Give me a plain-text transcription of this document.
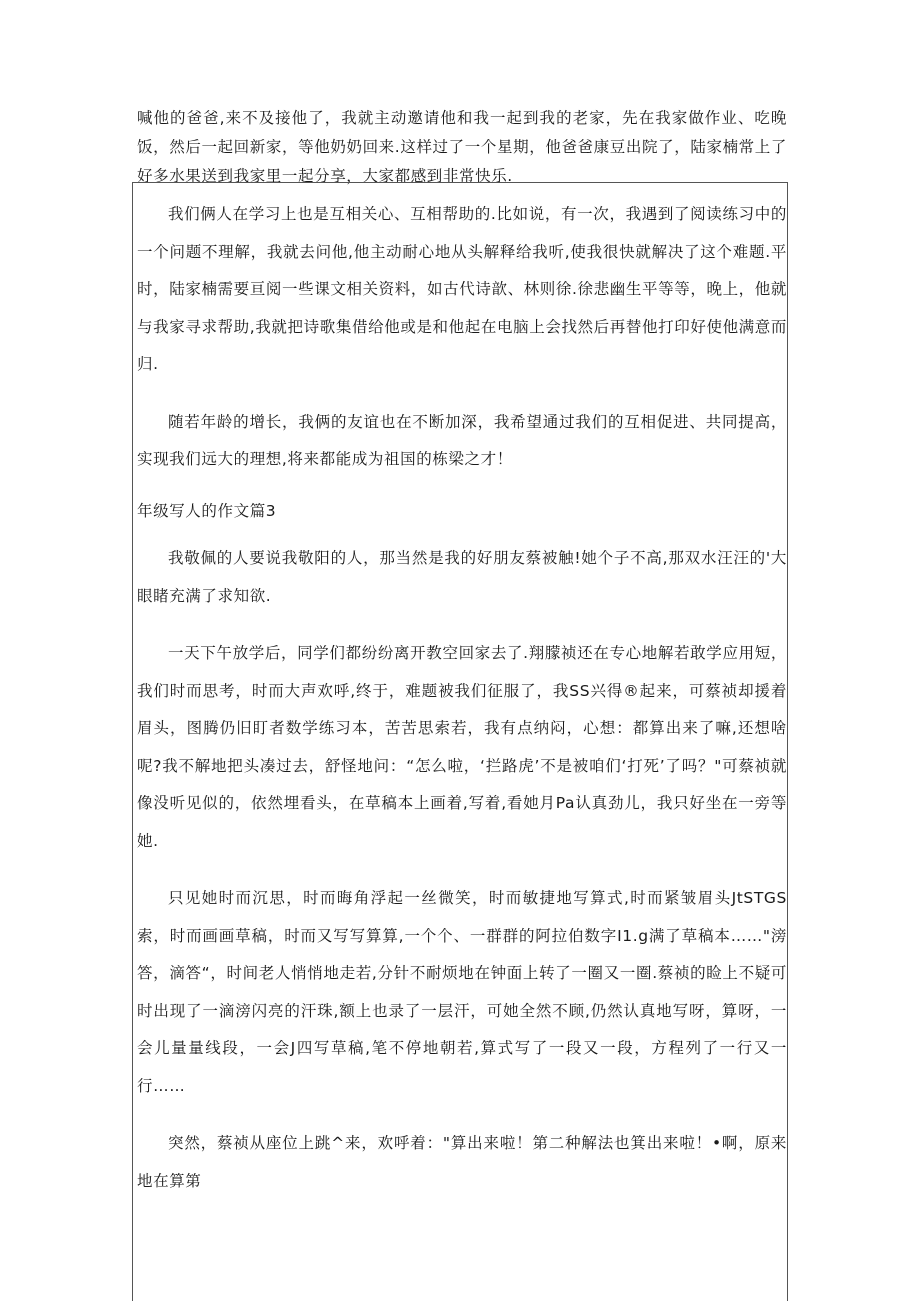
喊他的爸爸,来不及接他了，我就主动邀请他和我一起到我的老家，先在我家做作业、吃晚饭，然后一起回新家，等他奶奶回来.这样过了一个星期，他爸爸康豆出院了，陆家楠常上了好多水果送到我家里一起分享，大家都感到非常快乐.

我们俩人在学习上也是互相关心、互相帮助的.比如说，有一次，我遇到了阅读练习中的一个问题不理解，我就去问他,他主动耐心地从头解释给我听,使我很快就解决了这个难题.平时，陆家楠需要亘阅一些课文相关资料，如古代诗歆、林则徐.徐悲幽生平等等，晚上，他就与我家寻求帮助,我就把诗歌集借给他或是和他起在电脑上会找然后再替他打印好使他满意而归.

随若年龄的增长，我俩的友谊也在不断加深，我希望通过我们的互相促进、共同提高，实现我们远大的理想,将来都能成为祖国的栋梁之才！

年级写人的作文篇3

我敬佩的人要说我敬阳的人，那当然是我的好朋友蔡被触!她个子不高,那双水汪汪的'大眼睹充满了求知欲.

一天下午放学后，同学们都纷纷离开教空回家去了.翔朦祯还在专心地解若敢学应用短，我们时而思考，时而大声欢呼,终于，难题被我们征服了，我SS兴得®起来，可蔡祯却援着眉头，图腾仍旧盯者数学练习本，苦苦思索若，我有点纳闷，心想：都算出来了嘛,还想啥呢?我不解地把头凑过去，舒怪地问：“怎么啦，‘拦路虎’不是被咱们‘打死’了吗？"可蔡祯就像没听见似的，依然埋看头，在草稿本上画着,写着,看她月Pa认真劲儿，我只好坐在一旁等她.

只见她时而沉思，时而晦角浮起一丝微笑，时而敏捷地写算式,时而紧皱眉头JtSTGS索，时而画画草稿，时而又写写算算,一个个、一群群的阿拉伯数字I1.g满了草稿本……"滂答，滴答“，时间老人悄悄地走若,分针不耐烦地在钟面上转了一圈又一圈.蔡祯的睑上不疑可时出现了一滴滂闪亮的汗珠,额上也录了一层汗，可她全然不顾,仍然认真地写呀，算呀，一会儿量量线段，一会J四写草稿,笔不停地朝若,算式写了一段又一段，方程列了一行又一行……

突然，蔡祯从座位上跳^来，欢呼着："算出来啦！第二种解法也箕出来啦！•啊，原来地在算第
